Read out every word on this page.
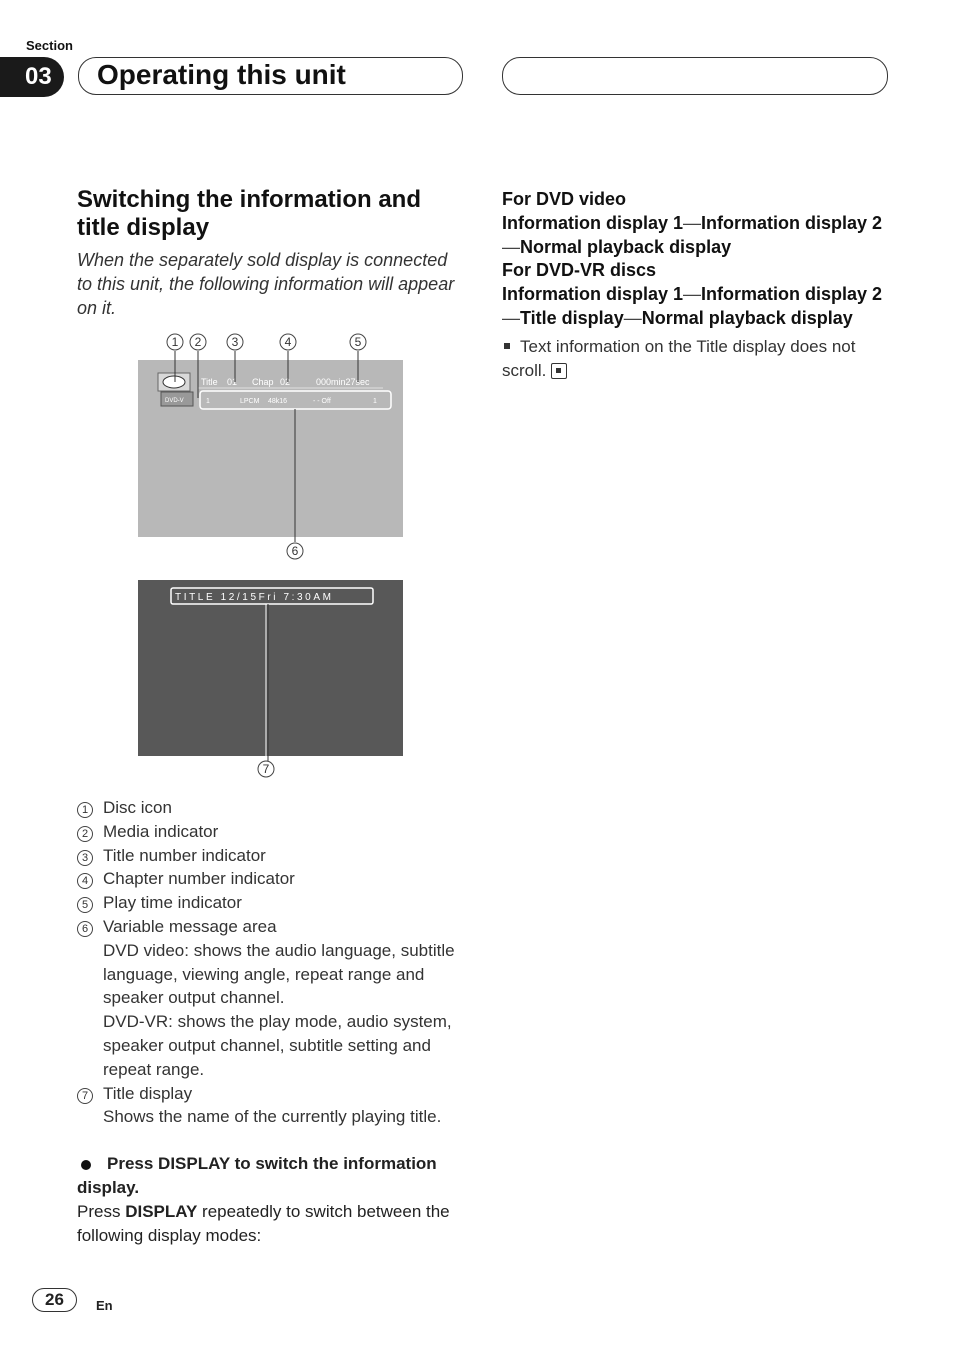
Section
03	Operating this unit
Switching the information and title display
When the separately sold display is connected to this unit, the following information will appear on it.
DVD-V
Title 01 Chap 02	000min27sec
1	LPCM 48k16	- - Off	1
1 2	3	4	5
6
TITLE 12/15Fri 7:30AM
7
1 Disc icon
2 Media indicator
3 Title number indicator
4 Chapter number indicator
5 Play time indicator
6 Variable message area
DVD video: shows the audio language, subtitle language, viewing angle, repeat range and speaker output channel.
DVD-VR: shows the play mode, audio system, speaker output channel, subtitle setting and repeat range.
7 Title display
Shows the name of the currently playing title.
Press DISPLAY to switch the information display.
Press DISPLAY repeatedly to switch between the following display modes:
For DVD video
Information display 1—Information display 2—Normal playback display
For DVD-VR discs
Information display 1—Information display 2—Title display—Normal playback display
Text information on the Title display does not scroll.
26	En
